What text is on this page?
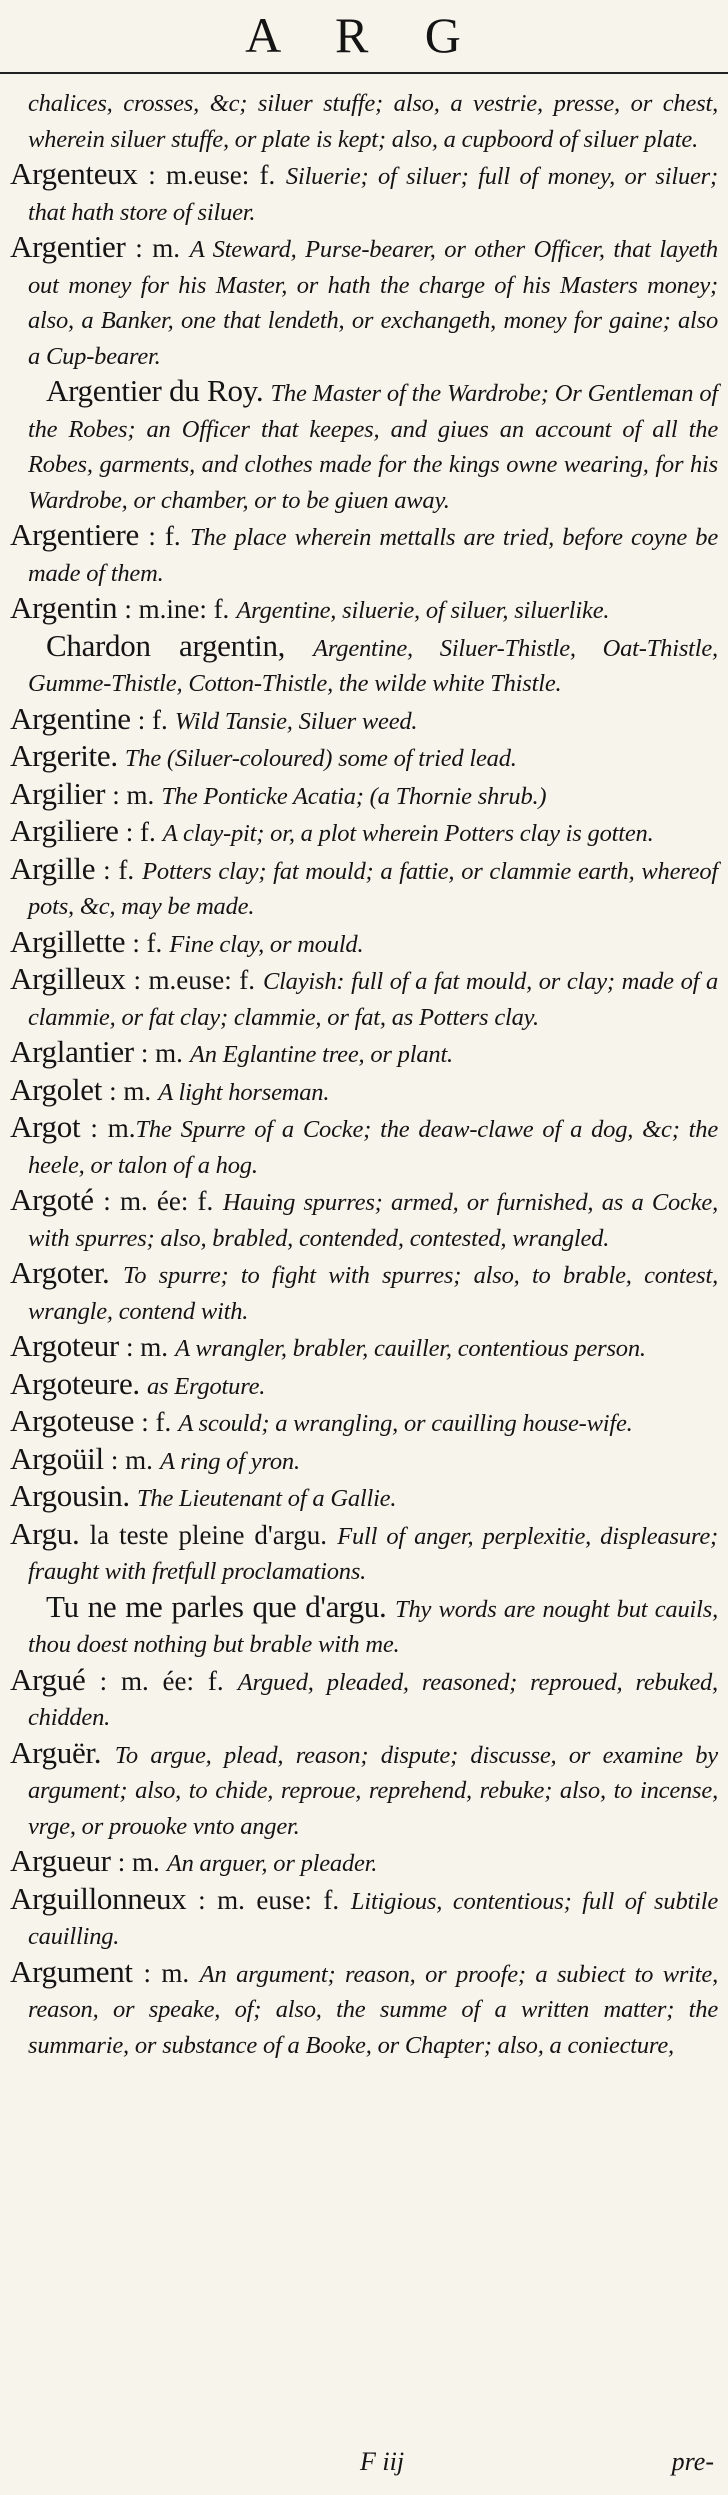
A R G

chalices, crosses, &c; siluer stuffe; also, a vestrie, presse, or chest, wherein siluer stuffe, or plate is kept; also, a cupboord of siluer plate.

Argenteux : m.euse: f. Siluerie; of siluer; full of money, or siluer; that hath store of siluer.

Argentier : m. A Steward, Purse-bearer, or other Officer, that layeth out money for his Master, or hath the charge of his Masters money; also, a Banker, one that lendeth, or exchangeth, money for gaine; also a Cup-bearer.

Argentier du Roy. The Master of the Wardrobe; Or Gentleman of the Robes; an Officer that keepes, and giues an account of all the Robes, garments, and clothes made for the kings owne wearing, for his Wardrobe, or chamber, or to be giuen away.

Argentiere : f. The place wherein mettalls are tried, before coyne be made of them.

Argentin : m.ine: f. Argentine, siluerie, of siluer, siluerlike.

Chardon argentin, Argentine, Siluer-Thistle, Oat-Thistle, Gumme-Thistle, Cotton-Thistle, the wilde white Thistle.

Argentine : f. Wild Tansie, Siluer weed.

Argerite. The (Siluer-coloured) some of tried lead.

Argilier : m. The Ponticke Acatia; (a Thornie shrub.)

Argiliere : f. A clay-pit; or, a plot wherein Potters clay is gotten.

Argille : f. Potters clay; fat mould; a fattie, or clammie earth, whereof pots, &c, may be made.

Argillette : f. Fine clay, or mould.

Argilleux : m.euse: f. Clayish: full of a fat mould, or clay; made of a clammie, or fat clay; clammie, or fat, as Potters clay.

Arglantier : m. An Eglantine tree, or plant.

Argolet : m. A light horseman.

Argot : m.The Spurre of a Cocke; the deaw-clawe of a dog, &c; the heele, or talon of a hog.

Argoté : m. ée: f. Hauing spurres; armed, or furnished, as a Cocke, with spurres; also, brabled, contended, contested, wrangled.

Argoter. To spurre; to fight with spurres; also, to brable, contest, wrangle, contend with.

Argoteur : m. A wrangler, brabler, cauiller, contentious person.

Argoteure. as Ergoture.

Argoteuse : f. A scould; a wrangling, or cauilling house-wife.

Argoüil : m. A ring of yron.

Argousin. The Lieutenant of a Gallie.

Argu. la teste pleine d'argu. Full of anger, perplexitie, displeasure; fraught with fretfull proclamations.

Tu ne me parles que d'argu. Thy words are nought but cauils, thou doest nothing but brable with me.

Argué : m. ée: f. Argued, pleaded, reasoned; reproued, rebuked, chidden.

Arguër. To argue, plead, reason; dispute; discusse, or examine by argument; also, to chide, reproue, reprehend, rebuke; also, to incense, vrge, or prouoke vnto anger.

Argueur : m. An arguer, or pleader.

Arguillonneux : m. euse: f. Litigious, contentious; full of subtile cauilling.

Argument : m. An argument; reason, or proofe; a subiect to write, reason, or speake, of; also, the summe of a written matter; the summarie, or substance of a Booke, or Chapter; also, a coniecture,

F iij	pre-
